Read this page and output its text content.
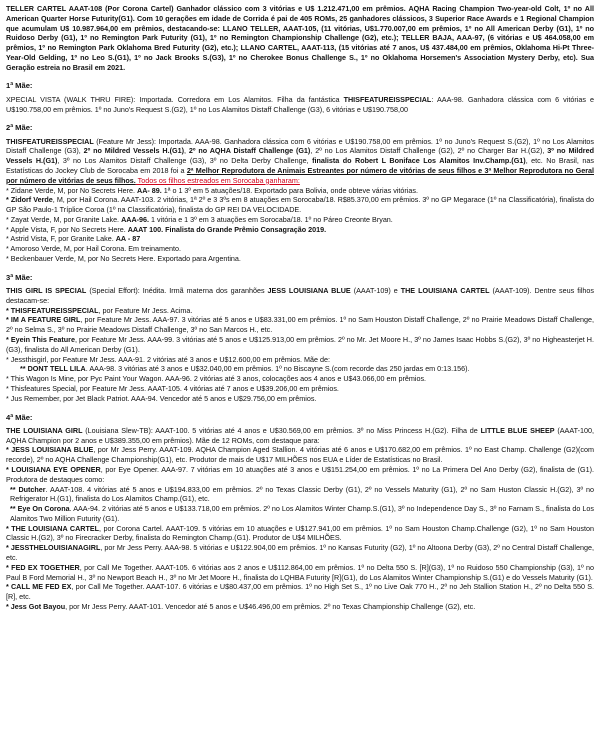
TELLER CARTEL AAAT-108 (Por Corona Cartel) Ganhador clássico com 3 vitórias e U$ 1.212.471,00 em prêmios. AQHA Racing Champion Two-year-old Colt, 1º no All American Quarter Horse Futurity(G1). Com 10 gerações em idade de Corrida é pai de 405 ROMs, 25 ganhadores clássicos, 3 Superior Race Awards e 1 Regional Champion que acumulam U$ 10.987.964,00 em prêmios, destacando-se: LLANO TELLER, AAAT-105, (11 vitórias, U$1.770.007,00 em prêmios, 1º no All American Derby (G1), 1º no Ruidoso Derby (G1), 1º no Remington Park Futurity (G1), 1º no Remington Championship Challenge (G2), etc.); TELLER BAJA, AAA-97, (6 vitórias e U$ 464.058,00 em prêmios, 1º no Remington Park Oklahoma Bred Futurity (G2), etc.); LLANO CARTEL, AAAT-113, (15 vitórias até 7 anos, U$ 437.484,00 em prêmios, Oklahoma Hi-Pt Three-Year-Old Gelding, 1º no Leo S.(G1), 1º no Jack Brooks S.(G3), 1º no Cherokee Bonus Challenge S., 1º no Oklahoma Horsemen's Association Mystery Derby, etc). Sua Geração estreia no Brasil em 2021.

1ª Mãe:

XPECIAL VISTA (WALK THRU FIRE): Importada. Corredora em Los Alamitos. Filha da fantástica THISFEATUREISSPECIAL: AAA-98. Ganhadora clássica com 6 vitórias e U$190.758,00 em prêmios. 1º no Juno's Request S.(G2), 1º no Los Alamitos Distaff Challenge (G3), 6 vitórias e U$190.758,00

2ª Mãe:

THISFEATUREISSPECIAL (Feature Mr Jess): Importada. AAA-98. Ganhadora clássica com 6 vitórias e U$190.758,00 em prêmios. 1º no Juno's Request S.(G2), 1º no Los Alamitos Distaff Challenge (G3), 2º no Mildred Vessels H.(G1), 2º no AQHA Distaff Challenge (G1), 2º no Los Alamitos Distaff Challenge (G2), 2º no Charger Bar H.(G2), 3º no Mildred Vessels H.(G1), 3º no Los Alamitos Distaff Challenge (G3), 3º no Delta Derby Challenge, finalista do Robert L Boniface Los Alamitos Inv.Champ.(G1), etc. No Brasil, nas Estatísticas do Jockey Club de Sorocaba em 2018 foi a 2ª Melhor Reprodutora de Animais Estreantes por número de vitórias de seus filhos e 3ª Melhor Reprodutora no Geral por número de vitórias de seus filhos. Todos os filhos estreados em Sorocaba ganharam:

* Zidane Verde, M, por No Secrets Here. AA- 89. 1ª o 1 3º em 5 atuações/18. Exportado para Bolivia, onde obteve várias vitórias.

* Zidorf Verde, M, por Hail Corona. AAAT-103. 2 vitórias, 1ª 2º e 3 3ºs em 8 atuações em Sorocaba/18. R$85.370,00 em prêmios. 3º no GP Megarace (1º na Classificatória), finalista do GP São Paulo-1 Tríplice Coroa (1º na Classificatória), finalista do GP REI DA VELOCIDADE.

* Zayat Verde, M, por Granite Lake. AAA-96. 1 vitória e 1 3º em 3 atuações em Sorocaba/18. 1º no Páreo Creonte Bryan.

* Apple Vista, F, por No Secrets Here. AAAT 100. Finalista do Grande Prêmio Consagração 2019.

* Astrid Vista, F, por Granite Lake. AA - 87

* Amoroso Verde, M, por Hail Corona. Em treinamento.

* Beckenbauer Verde, M, por No Secrets Here. Exportado para Argentina.

3ª Mãe:

THIS GIRL IS SPECIAL (Special Effort): Inédita. Irmã materna dos garanhões JESS LOUISIANA BLUE (AAAT-109) e THE LOUISIANA CARTEL (AAAT-109). Dentre seus filhos destacam-se:

* THISFEATUREISSPECIAL, por Feature Mr Jess. Acima.

* IM A FEATURE GIRL, por Feature Mr Jess. AAA-97. 3 vitórias até 5 anos e U$83.331,00 em prêmios. 1º no Sam Houston Distaff Challenge, 2º no Prairie Meadows Distaff Challenge, 2º no Selma S., 3º no Prairie Meadows Distaff Challenge, 3º no San Marcos H., etc.

* Eyein This Feature, por Feature Mr Jess. AAA-99. 3 vitórias até 5 anos e U$125.913,00 em prêmios. 2º no Mr. Jet Moore H., 3º no James Isaac Hobbs S.(G2), 3º no Higheasterjet H.(G3), finalista do All American Derby (G1).

* Jessthisgirl, por Feature Mr Jess. AAA-91. 2 vitórias até 3 anos e U$12.600,00 em prêmios. Mãe de:

** DONT TELL LILA. AAA-98. 3 vitórias até 3 anos e U$32.040,00 em prêmios. 1º no Biscayne S.(com recorde das 250 jardas em 0:13.156).

* This Wagon Is Mine, por Pyc Paint Your Wagon. AAA-96. 2 vitórias até 3 anos, colocações aos 4 anos e U$43.066,00 em prêmios.

* Thisfeatures Special, por Feature Mr Jess. AAAT-105. 4 vitórias até 7 anos e U$39.206,00 em prêmios.

* Jus Remember, por Jet Black Patriot. AAA-94. Vencedor até 5 anos e U$29.756,00 em prêmios.

4ª Mãe:

THE LOUISIANA GIRL (Louisiana Slew-TB): AAAT-100. 5 vitórias até 4 anos e U$30.569,00 em prêmios. 3º no Miss Princess H.(G2). Filha de LITTLE BLUE SHEEP (AAAT-100, AQHA Champion por 2 anos e U$389.355,00 em prêmios). Mãe de 12 ROMs, com destaque para:

* JESS LOUISIANA BLUE, por Mr Jess Perry. AAAT-109. AQHA Champion Aged Stallion. 4 vitórias até 6 anos e U$170.682,00 em prêmios. 1º no East Champ. Challenge (G2)(com recorde), 2º no AQHA Challenge Championship(G1), etc. Produtor de mais de U$17 MILHÕES nos EUA e Líder de Estatísticas no Brasil.

* LOUISIANA EYE OPENER, por Eye Opener. AAA-97. 7 vitórias em 10 atuações até 3 anos e U$151.254,00 em prêmios. 1º no La Primera Del Ano Derby (G2), finalista de (G1). Produtora de destaques como:

** Dutcher. AAAT-108. 4 vitórias até 5 anos e U$194.833,00 em prêmios. 2º no Texas Classic Derby (G1), 2º no Vessels Maturity (G1), 2º no Sam Huston Classic H.(G2), 3º no Refrigerator H.(G1), finalista do Los Alamitos Champ.(G1), etc.

** Eye On Corona. AAA-94. 2 vitórias até 5 anos e U$133.718,00 em prêmios. 2º no Los Alamitos Winter Champ.S.(G1), 3º no Independence Day S., 3º no Farnam S., finalista do Los Alamitos Two Million Futurity (G1).

* THE LOUISIANA CARTEL, por Corona Cartel. AAAT-109. 5 vitórias em 10 atuações e U$127.941,00 em prêmios. 1º no Sam Houston Champ.Challenge (G2), 1º no Sam Houston Classic H.(G2), 3º no Firecracker Derby, finalista do Remington Champ.(G1). Produtor de U$4 MILHÕES.

* JESSTHELOUISIANAGIRL, por Mr Jess Perry. AAA-98. 5 vitórias e U$122.904,00 em prêmios. 1º no Kansas Futurity (G2), 1º no Altoona Derby (G3), 2º no Central Distaff Challenge, etc.

* FED EX TOGETHER, por Call Me Together. AAAT-105. 6 vitórias aos 2 anos e U$112.864,00 em prêmios. 1º no Delta 550 S. [R](G3), 1º no Ruidoso 550 Championship (G3), 1º no Paul B Ford Memorial H., 3º no Newport Beach H., 3º no Mr Jet Moore H., finalista do LQHBA Futurity [R](G1), do Los Alamitos Winter Championship S.(G1) e do Vessels Maturity (G1).

* CALL ME FED EX, por Call Me Together. AAAT-107. 6 vitórias e U$80.437,00 em prêmios. 1º no High Set S., 1º no Live Oak 770 H., 2º no Jeh Stallion Station H., 2º no Delta 550 S.[R], etc.

* Jess Got Bayou, por Mr Jess Perry. AAAT-101. Vencedor até 5 anos e U$46.496,00 em prêmios. 2º no Texas Championship Challenge (G2), etc.
